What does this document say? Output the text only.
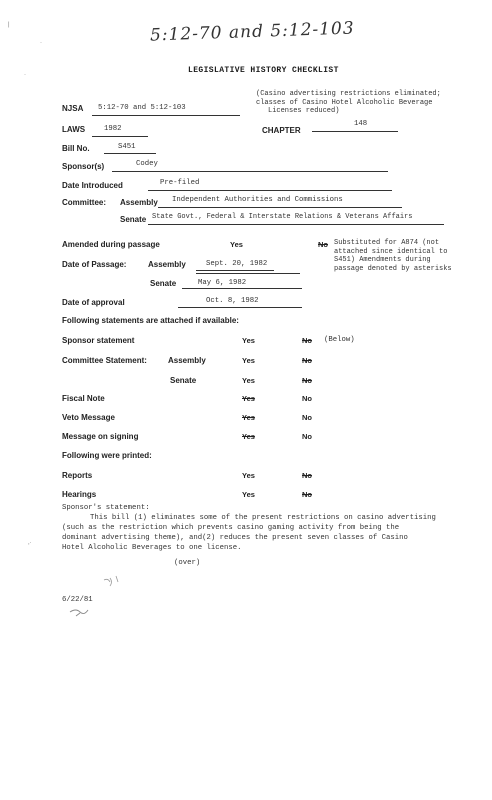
|
·
·
,·
5:12-70 and 5:12-103
LEGISLATIVE HISTORY CHECKLIST
(Casino advertising restrictions eliminated;
classes of Casino Hotel Alcoholic Beverage
Licenses reduced)
NJSA 5:12-70 and 5:12-103
LAWS	1982	CHAPTER
148
Bill No.	S451
Sponsor(s)	Codey
Date Introduced	Pre-filed
Committee: Assembly Independent Authorities and Commissions
Senate State Govt., Federal & Interstate Relations & Veterans Affairs
Amended during passage	Yes	No Substituted for A874 (not
attached since identical to
S451) Amendments during
passage denoted by asterisks
Date of Passage:	Assembly	Sept. 20, 1982
Senate	May 6, 1982
Date of approval	Oct. 8, 1982
Following statements are attached if available:
Sponsor statement	Yes	No (Below)
Committee Statement:	Assembly	Yes	No
Senate	Yes	No
Fiscal Note	Yes	No
Veto Message	Yes	No
Message on signing	Yes	No
Following were printed:
Reports	Yes	No
Hearings	Yes	No
Sponsor's statement:
This bill (1) eliminates some of the present restrictions on casino advertising
(such as the restriction which prevents casino gaming activity from being the
dominant advertising theme), and(2) reduces the present seven classes of Casino
Hotel Alcoholic Beverages to one license.
(over)
6/22/81
